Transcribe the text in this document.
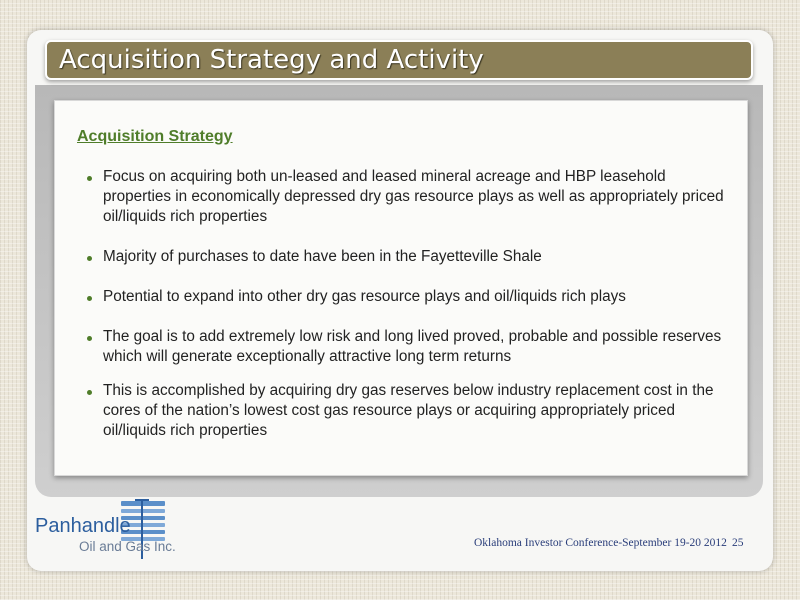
Acquisition Strategy and Activity
Acquisition Strategy
Focus on acquiring both un-leased and leased mineral acreage and HBP leasehold properties in economically depressed dry gas resource plays as well as appropriately priced oil/liquids rich properties
Majority of purchases to date have been in the Fayetteville Shale
Potential to expand into other dry gas resource plays and oil/liquids rich plays
The goal is to add extremely low risk and long lived proved, probable and possible reserves which will generate exceptionally attractive long term returns
This is accomplished by acquiring dry gas reserves below industry replacement cost in the cores of the nation’s lowest cost gas resource plays or acquiring appropriately priced oil/liquids rich properties
Panhandle
Oil and Gas Inc.	Oklahoma Investor Conference-September 19-20 2012 25
